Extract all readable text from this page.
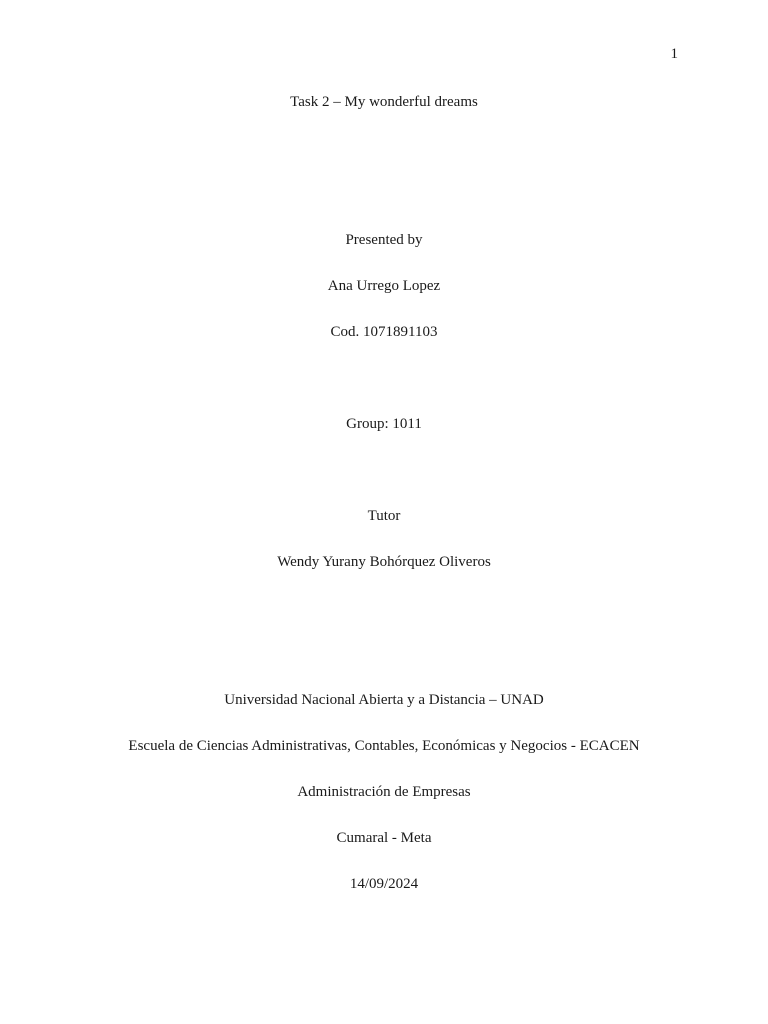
1
Task 2 – My wonderful dreams
Presented by
Ana Urrego Lopez
Cod. 1071891103
Group: 1011
Tutor
Wendy Yurany Bohórquez Oliveros
Universidad Nacional Abierta y a Distancia – UNAD
Escuela de Ciencias Administrativas, Contables, Económicas y Negocios - ECACEN
Administración de Empresas
Cumaral - Meta
14/09/2024
